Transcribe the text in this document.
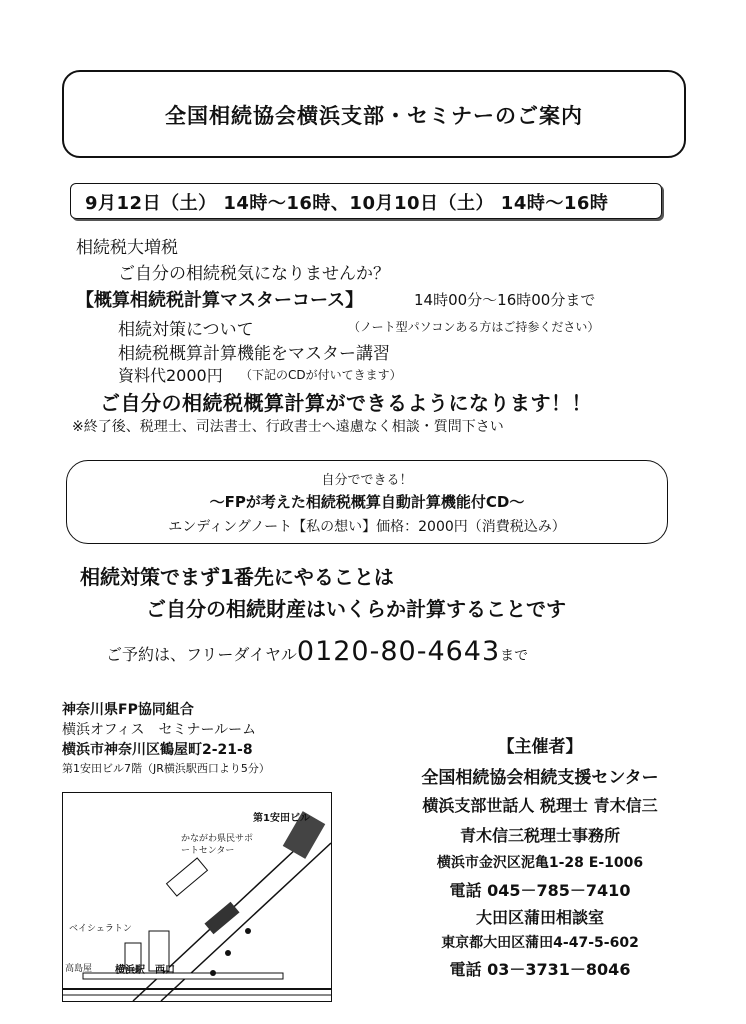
全国相続協会横浜支部・セミナーのご案内
9月12日（土） 14時～16時、10月10日（土） 14時～16時
相続税大増税
ご自分の相続税気になりませんか？
【概算相続税計算マスターコース】	14時00分～16時00分まで
相続対策について	（ノート型パソコンある方はご持参ください）
相続税概算計算機能をマスター講習
資料代2000円 （下記のCDが付いてきます）
ご自分の相続税概算計算ができるようになります！！
※終了後、税理士、司法書士、行政書士へ遠慮なく相談・質問下さい
自分でできる！
～FPが考えた相続税概算自動計算機能付CD～
エンディングノート【私の想い】価格：2000円（消費税込み）
相続対策でまず1番先にやることは
ご自分の相続財産はいくらか計算することです
ご予約は、フリーダイヤル0120-80-4643まで
神奈川県FP協同組合
横浜オフィス　セミナールーム
横浜市神奈川区鶴屋町2-21-8
第1安田ビル7階（JR横浜駅西口より5分）
第1安田ビル
かながわ県民サポートセンター
ベイシェラトン
高島屋 横浜駅　西口
【主催者】
全国相続協会相続支援センター
横浜支部世話人 税理士 青木信三
青木信三税理士事務所
横浜市金沢区泥亀1-28 E-1006
電話 045－785－7410
大田区蒲田相談室
東京都大田区蒲田4-47-5-602
電話 03－3731－8046
